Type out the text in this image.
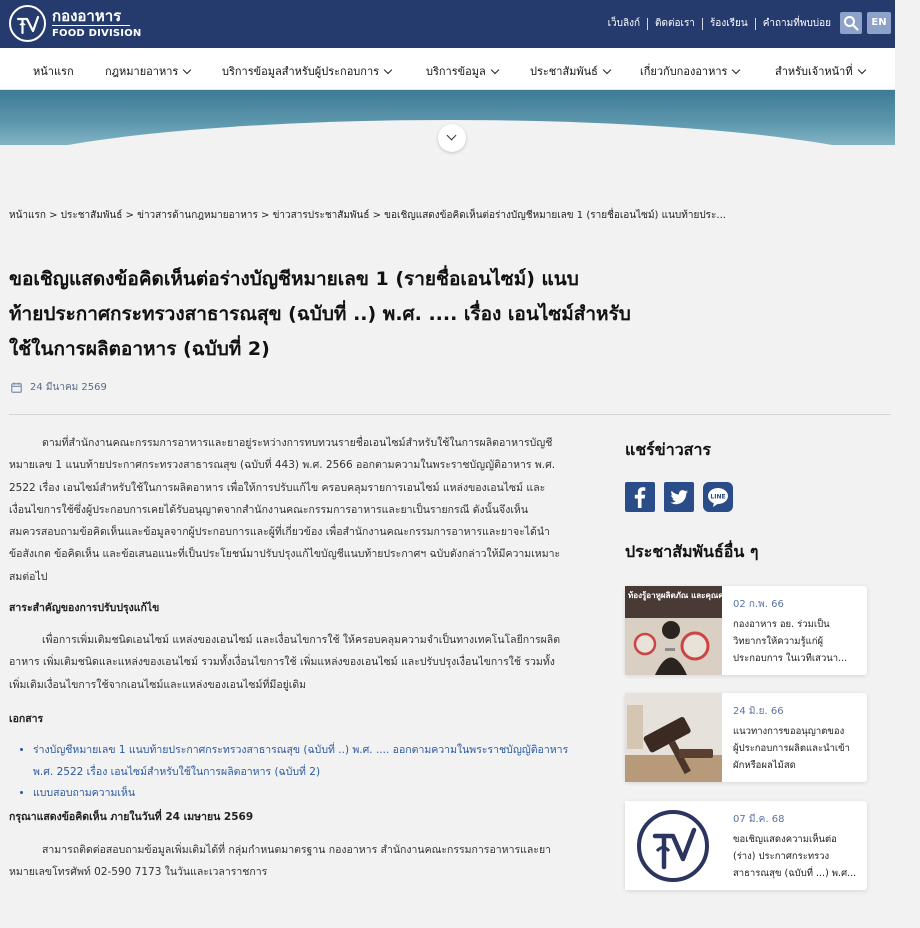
กองอาหาร
FOOD DIVISION
เว็บลิงก์ ติดต่อเรา ร้องเรียน คำถามที่พบบ่อย	EN
หน้าแรก	กฎหมายอาหาร	บริการข้อมูลสำหรับผู้ประกอบการ	บริการข้อมูล	ประชาสัมพันธ์	เกี่ยวกับกองอาหาร	สำหรับเจ้าหน้าที่
หน้าแรก > ประชาสัมพันธ์ > ข่าวสารด้านกฎหมายอาหาร > ข่าวสารประชาสัมพันธ์ > ขอเชิญแสดงข้อคิดเห็นต่อร่างบัญชีหมายเลข 1 (รายชื่อเอนไซม์) แนบท้ายประ...
ขอเชิญแสดงข้อคิดเห็นต่อร่างบัญชีหมายเลข 1 (รายชื่อเอนไซม์) แนบ
ท้ายประกาศกระทรวงสาธารณสุข (ฉบับที่ ..) พ.ศ. .... เรื่อง เอนไซม์สำหรับ
ใช้ในการผลิตอาหาร (ฉบับที่ 2)
24 มีนาคม 2569
ตามที่สำนักงานคณะกรรมการอาหารและยาอยู่ระหว่างการทบทวนรายชื่อเอนไซม์สำหรับใช้ในการผลิตอาหารบัญชี
หมายเลข 1 แนบท้ายประกาศกระทรวงสาธารณสุข (ฉบับที่ 443) พ.ศ. 2566 ออกตามความในพระราชบัญญัติอาหาร พ.ศ.
2522 เรื่อง เอนไซม์สำหรับใช้ในการผลิตอาหาร เพื่อให้การปรับแก้ไข ครอบคลุมรายการเอนไซม์ แหล่งของเอนไซม์ และ
เงื่อนไขการใช้ซึ่งผู้ประกอบการเคยได้รับอนุญาตจากสำนักงานคณะกรรมการอาหารและยาเป็นรายกรณี ดังนั้นจึงเห็น
สมควรสอบถามข้อคิดเห็นและข้อมูลจากผู้ประกอบการและผู้ที่เกี่ยวข้อง เพื่อสำนักงานคณะกรรมการอาหารและยาจะได้นำ
ข้อสังเกต ข้อคิดเห็น และข้อเสนอแนะที่เป็นประโยชน์มาปรับปรุงแก้ไขบัญชีแนบท้ายประกาศฯ ฉบับดังกล่าวให้มีความเหมาะ
สมต่อไป
สาระสำคัญของการปรับปรุงแก้ไข
เพื่อการเพิ่มเติมชนิดเอนไซม์ แหล่งของเอนไซม์ และเงื่อนไขการใช้ ให้ครอบคลุมความจำเป็นทางเทคโนโลยีการผลิต
อาหาร เพิ่มเติมชนิดและแหล่งของเอนไซม์ รวมทั้งเงื่อนไขการใช้ เพิ่มแหล่งของเอนไซม์ และปรับปรุงเงื่อนไขการใช้ รวมทั้ง
เพิ่มเติมเงื่อนไขการใช้จากเอนไซม์และแหล่งของเอนไซม์ที่มีอยู่เดิม
เอกสาร
• ร่างบัญชีหมายเลข 1 แนบท้ายประกาศกระทรวงสาธารณสุข (ฉบับที่ ..) พ.ศ. .... ออกตามความในพระราชบัญญัติอาหาร
พ.ศ. 2522 เรื่อง เอนไซม์สำหรับใช้ในการผลิตอาหาร (ฉบับที่ 2)
• แบบสอบถามความเห็น
กรุณาแสดงข้อคิดเห็น ภายในวันที่ 24 เมษายน 2569
สามารถติดต่อสอบถามข้อมูลเพิ่มเติมได้ที่ กลุ่มกำหนดมาตรฐาน กองอาหาร สำนักงานคณะกรรมการอาหารและยา
หมายเลขโทรศัพท์ 02-590 7173 ในวันและเวลาราชการ
แชร์ข่าวสาร
LINE
ประชาสัมพันธ์อื่น ๆ
ท้องรู้อาหูผลิตภัณ และคุณค่าทางโภชนาก
02 ก.พ. 66
กองอาหาร อย. ร่วมเป็น
วิทยากรให้ความรู้แก่ผู้
ประกอบการ ในเวทีเสวนา...
24 มิ.ย. 66
แนวทางการขออนุญาตของ
ผู้ประกอบการผลิตและนำเข้า
ผักหรือผลไม้สด
07 มี.ค. 68
ขอเชิญแสดงความเห็นต่อ
(ร่าง) ประกาศกระทรวง
สาธารณสุข (ฉบับที่ ...) พ.ศ...
